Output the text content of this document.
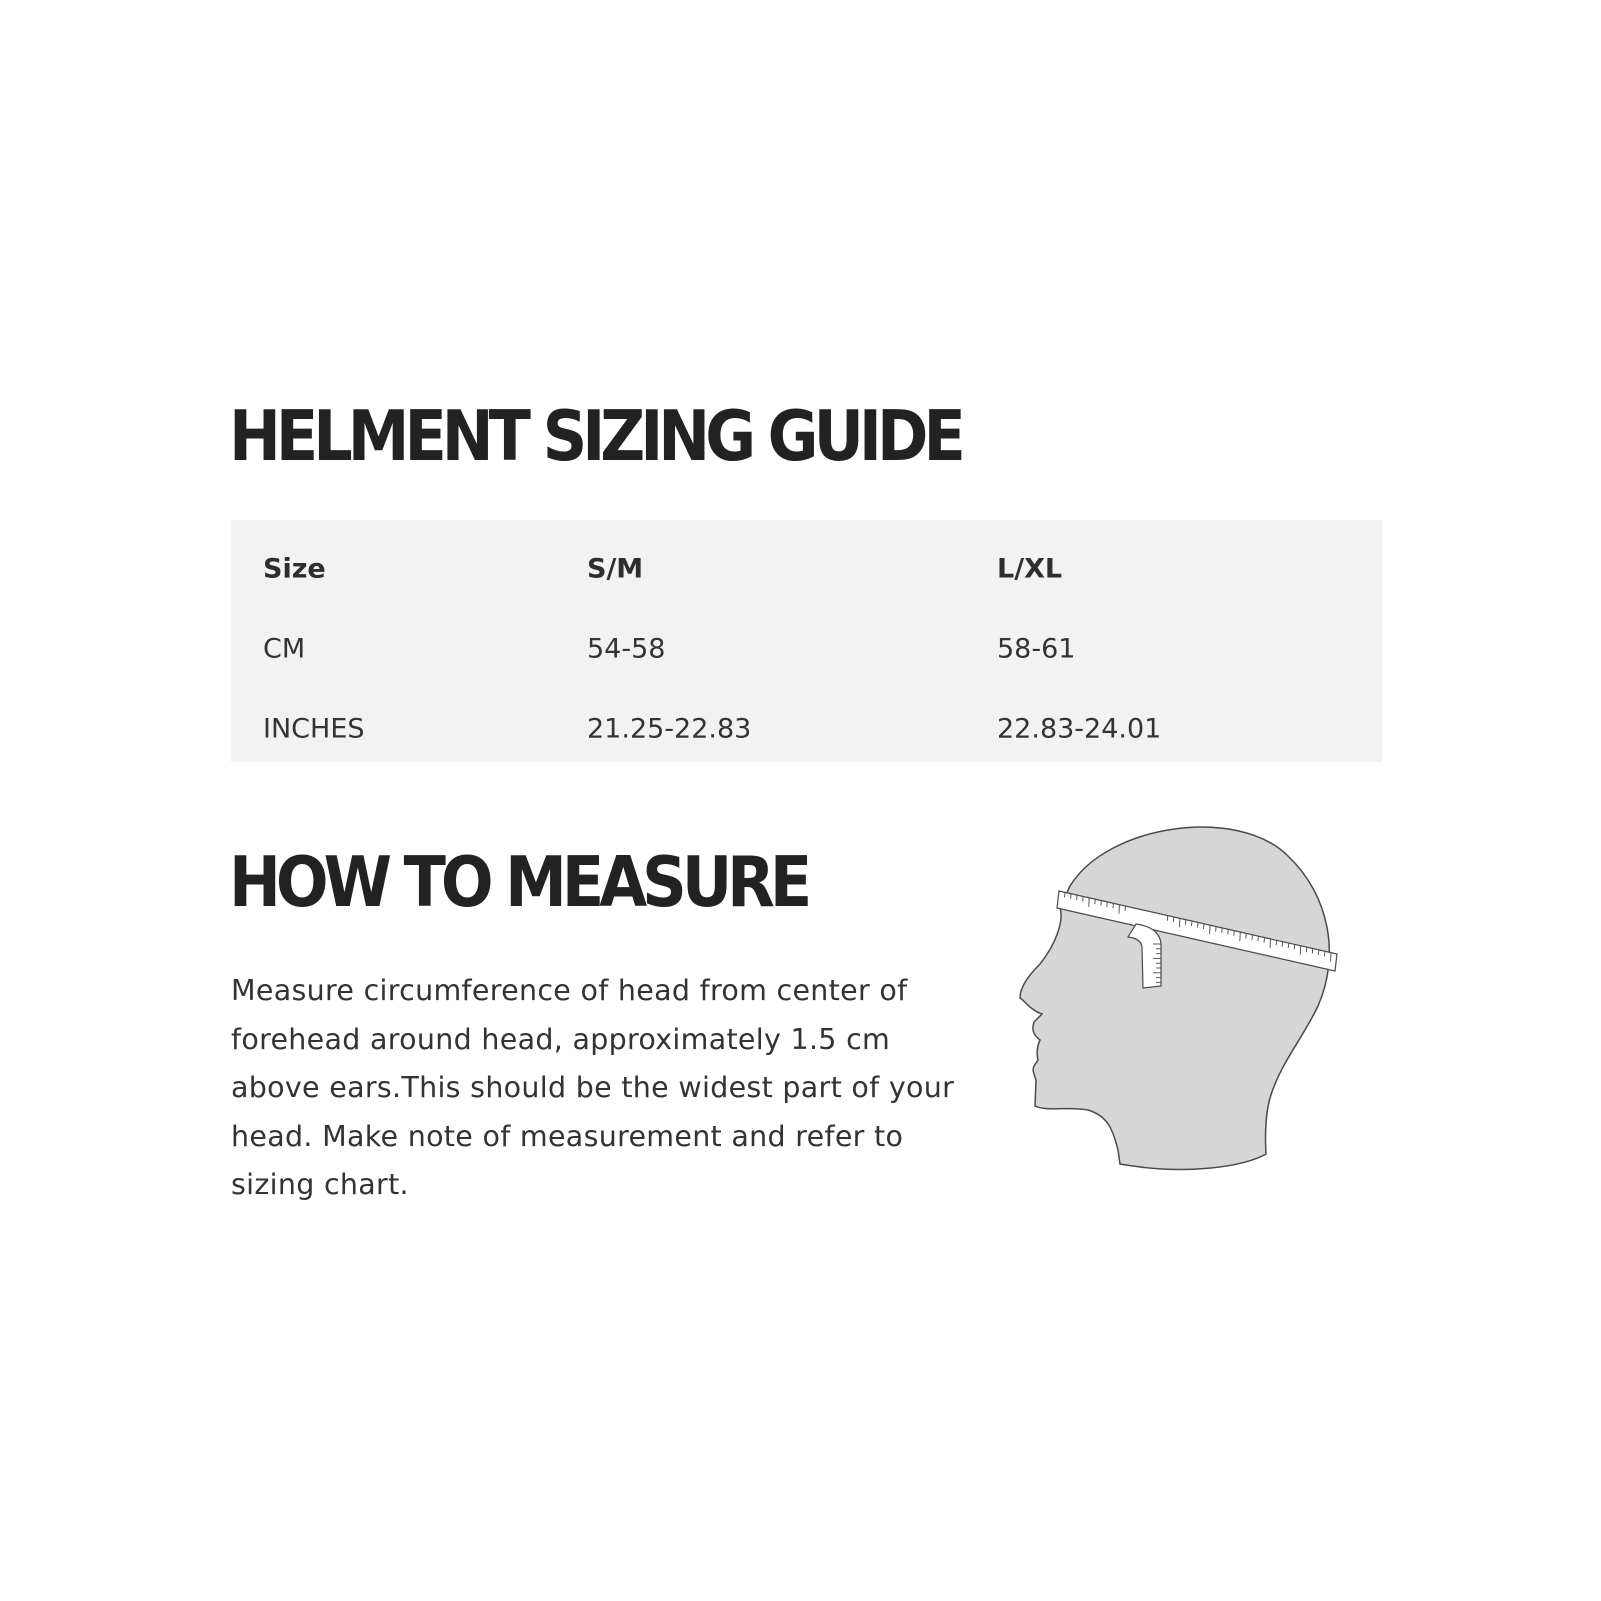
HELMENT SIZING GUIDE
Size	S/M	L/XL
CM	54-58	58-61
INCHES	21.25-22.83	22.83-24.01
HOW TO MEASURE

Measure circumference of head from center of forehead around head, approximately 1.5 cm above ears.This should be the widest part of your head. Make note of measurement and refer to sizing chart.
